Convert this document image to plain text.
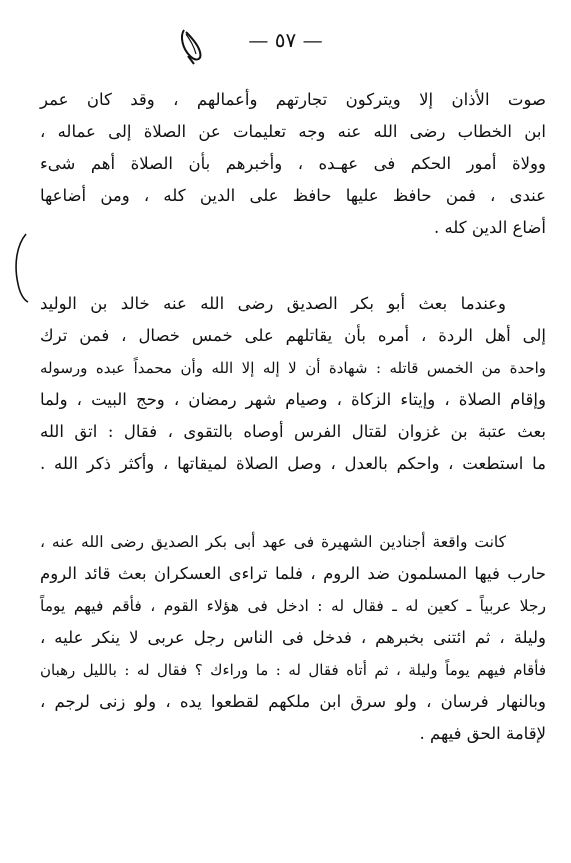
— ٥٧ —
صوت الأذان إلا ويتركون تجارتهم وأعمالهم ، وقد كان عمر
ابن الخطاب رضى الله عنه وجه تعليمات عن الصلاة إلى عماله ،
وولاة أمور الحكم فى عهـده ، وأخبرهم بأن الصلاة أهم شىء
عندى ، فمن حافظ عليها حافظ على الدين كله ، ومن أضاعها
أضاع الدين كله .
وعندما بعث أبو بكر الصديق رضى الله عنه خالد بن الوليد
إلى أهل الردة ، أمره بأن يقاتلهم على خمس خصال ، فمن ترك
واحدة من الخمس قاتله : شهادة أن لا إله إلا الله وأن محمداً عبده ورسوله
وإقام الصلاة ، وإيتاء الزكاة ، وصيام شهر رمضان ، وحج البيت ، ولما
بعث عتبة بن غزوان لقتال الفرس أوصاه بالتقوى ، فقال : اتق الله
ما استطعت ، واحكم بالعدل ، وصل الصلاة لميقاتها ، وأكثر ذكر الله .
كانت واقعة أجنادين الشهيرة فى عهد أبى بكر الصديق رضى الله عنه ،
حارب فيها المسلمون ضد الروم ، فلما تراءى العسكران بعث قائد الروم
رجلا عربياً ـ كعين له ـ فقال له : ادخل فى هؤلاء القوم ، فأقم فيهم يوماً
وليلة ، ثم ائتنى بخبرهم ، فدخل فى الناس رجل عربى لا ينكر عليه ،
فأقام فيهم يوماً وليلة ، ثم أتاه فقال له : ما وراءك ؟ فقال له : بالليل رهبان
وبالنهار فرسان ، ولو سرق ابن ملكهم لقطعوا يده ، ولو زنى لرجم ،
لإقامة الحق فيهم .
